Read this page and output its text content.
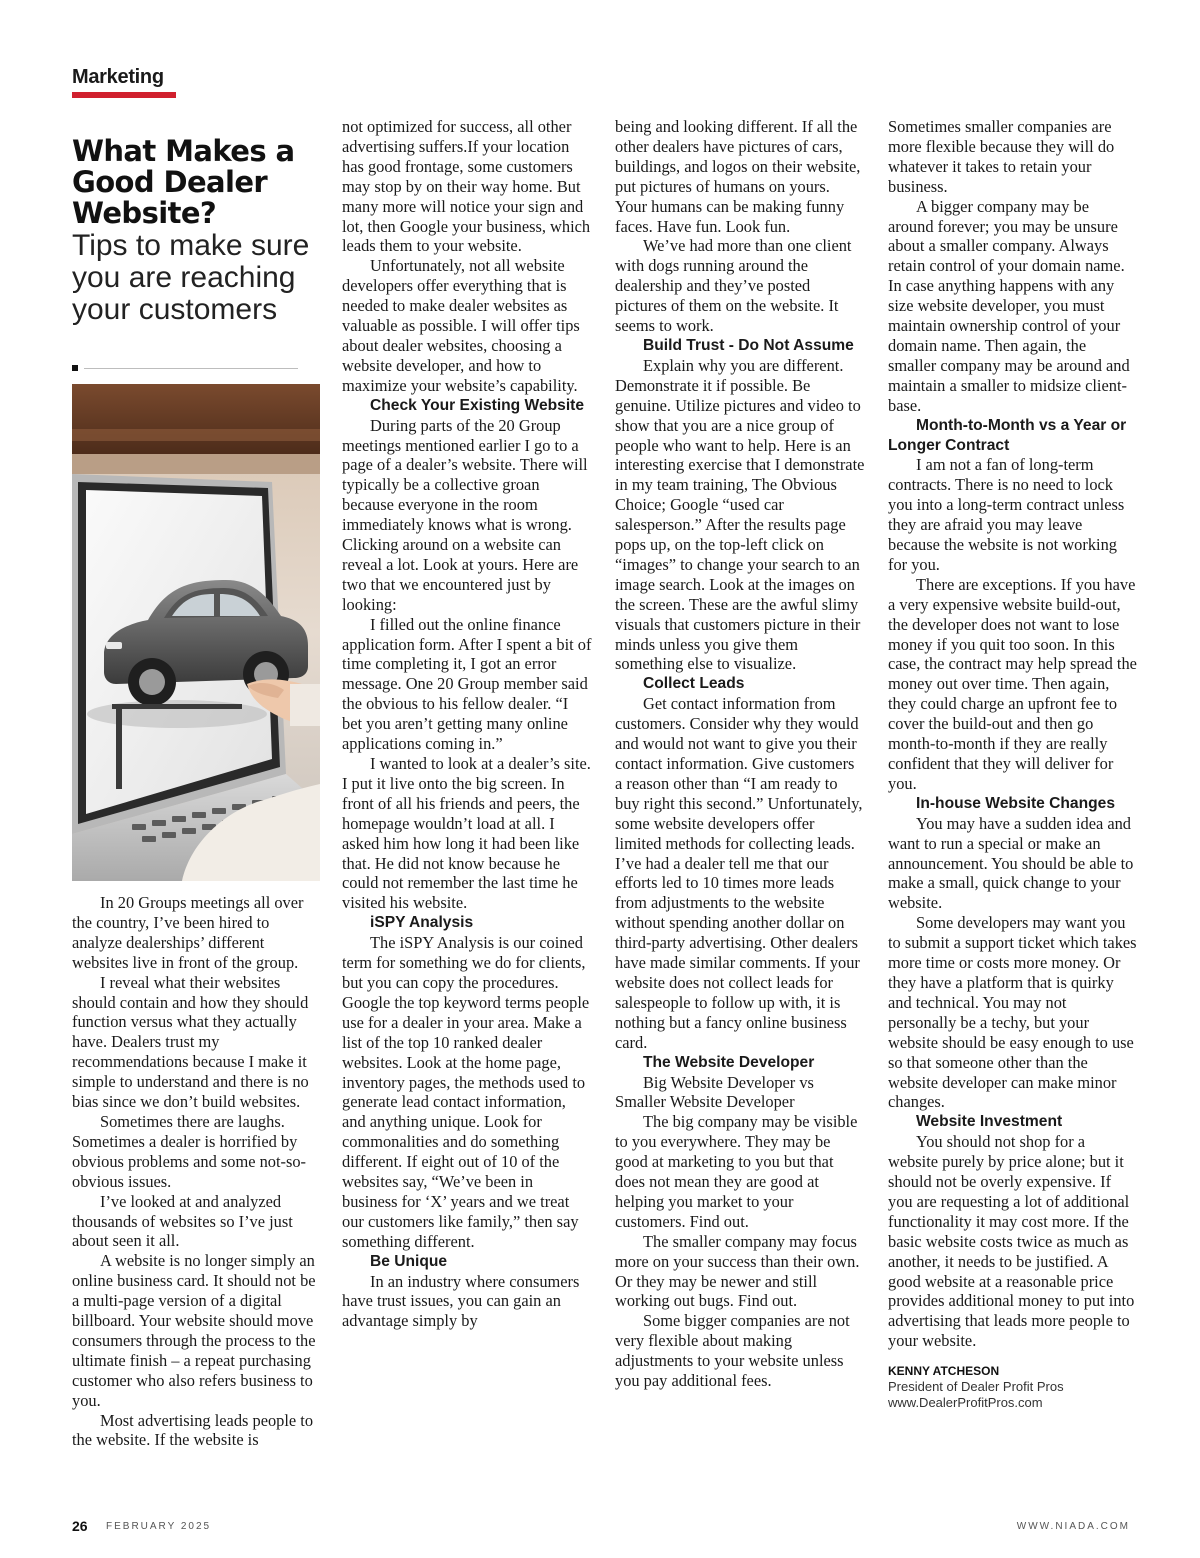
Marketing
What Makes a Good Dealer Website?
Tips to make sure you are reaching your customers

In 20 Groups meetings all over the country, I’ve been hired to analyze dealerships’ different websites live in front of the group.

I reveal what their websites should contain and how they should function versus what they actually have. Dealers trust my recommendations because I make it simple to understand and there is no bias since we don’t build websites.

Sometimes there are laughs. Sometimes a dealer is horrified by obvious problems and some not-so-obvious issues.

I’ve looked at and analyzed thousands of websites so I’ve just about seen it all.

A website is no longer simply an online business card. It should not be a multi-page version of a digital billboard. Your website should move consumers through the process to the ultimate finish – a repeat purchasing customer who also refers business to you.

Most advertising leads people to the website. If the website is

not optimized for success, all other advertising suffers.If your location has good frontage, some customers may stop by on their way home. But many more will notice your sign and lot, then Google your business, which leads them to your website.

Unfortunately, not all website developers offer everything that is needed to make dealer websites as valuable as possible. I will offer tips about dealer websites, choosing a website developer, and how to maximize your website’s capability.

Check Your Existing Website

During parts of the 20 Group meetings mentioned earlier I go to a page of a dealer’s website. There will typically be a collective groan because everyone in the room immediately knows what is wrong. Clicking around on a website can reveal a lot. Look at yours. Here are two that we encountered just by looking:

I filled out the online finance application form. After I spent a bit of time completing it, I got an error message. One 20 Group member said the obvious to his fellow dealer. “I bet you aren’t getting many online applications coming in.”

I wanted to look at a dealer’s site. I put it live onto the big screen. In front of all his friends and peers, the homepage wouldn’t load at all. I asked him how long it had been like that. He did not know because he could not remember the last time he visited his website.

iSPY Analysis

The iSPY Analysis is our coined term for something we do for clients, but you can copy the procedures. Google the top keyword terms people use for a dealer in your area. Make a list of the top 10 ranked dealer websites. Look at the home page, inventory pages, the methods used to generate lead contact information, and anything unique. Look for commonalities and do something different. If eight out of 10 of the websites say, “We’ve been in business for ‘X’ years and we treat our customers like family,” then say something different.

Be Unique

In an industry where consumers have trust issues, you can gain an advantage simply by

being and looking different. If all the other dealers have pictures of cars, buildings, and logos on their website, put pictures of humans on yours. Your humans can be making funny faces. Have fun. Look fun.

We’ve had more than one client with dogs running around the dealership and they’ve posted pictures of them on the website. It seems to work.

Build Trust - Do Not Assume

Explain why you are different. Demonstrate it if possible. Be genuine. Utilize pictures and video to show that you are a nice group of people who want to help. Here is an interesting exercise that I demonstrate in my team training, The Obvious Choice; Google “used car salesperson.” After the results page pops up, on the top-left click on “images” to change your search to an image search. Look at the images on the screen. These are the awful slimy visuals that customers picture in their minds unless you give them something else to visualize.

Collect Leads

Get contact information from customers. Consider why they would and would not want to give you their contact information. Give customers a reason other than “I am ready to buy right this second.” Unfortunately, some website developers offer limited methods for collecting leads. I’ve had a dealer tell me that our efforts led to 10 times more leads from adjustments to the website without spending another dollar on third-party advertising. Other dealers have made similar comments. If your website does not collect leads for salespeople to follow up with, it is nothing but a fancy online business card.

The Website Developer

Big Website Developer vs Smaller Website Developer

The big company may be visible to you everywhere. They may be good at marketing to you but that does not mean they are good at helping you market to your customers. Find out.

The smaller company may focus more on your success than their own. Or they may be newer and still working out bugs. Find out.

Some bigger companies are not very flexible about making adjustments to your website unless you pay additional fees.

Sometimes smaller companies are more flexible because they will do whatever it takes to retain your business.

A bigger company may be around forever; you may be unsure about a smaller company. Always retain control of your domain name. In case anything happens with any size website developer, you must maintain ownership control of your domain name. Then again, the smaller company may be around and maintain a smaller to midsize client-base.

Month-to-Month vs a Year or Longer Contract

I am not a fan of long-term contracts. There is no need to lock you into a long-term contract unless they are afraid you may leave because the website is not working for you.

There are exceptions. If you have a very expensive website build-out, the developer does not want to lose money if you quit too soon. In this case, the contract may help spread the money out over time. Then again, they could charge an upfront fee to cover the build-out and then go month-to-month if they are really confident that they will deliver for you.

In-house Website Changes

You may have a sudden idea and want to run a special or make an announcement. You should be able to make a small, quick change to your website.

Some developers may want you to submit a support ticket which takes more time or costs more money. Or they have a platform that is quirky and technical. You may not personally be a techy, but your website should be easy enough to use so that someone other than the website developer can make minor changes.

Website Investment

You should not shop for a website purely by price alone; but it should not be overly expensive. If you are requesting a lot of additional functionality it may cost more. If the basic website costs twice as much as another, it needs to be justified. A good website at a reasonable price provides additional money to put into advertising that leads more people to your website.

KENNY ATCHESON
President of Dealer Profit Pros
www.DealerProfitPros.com
26 FEBRUARY 2025	WWW.NIADA.COM
